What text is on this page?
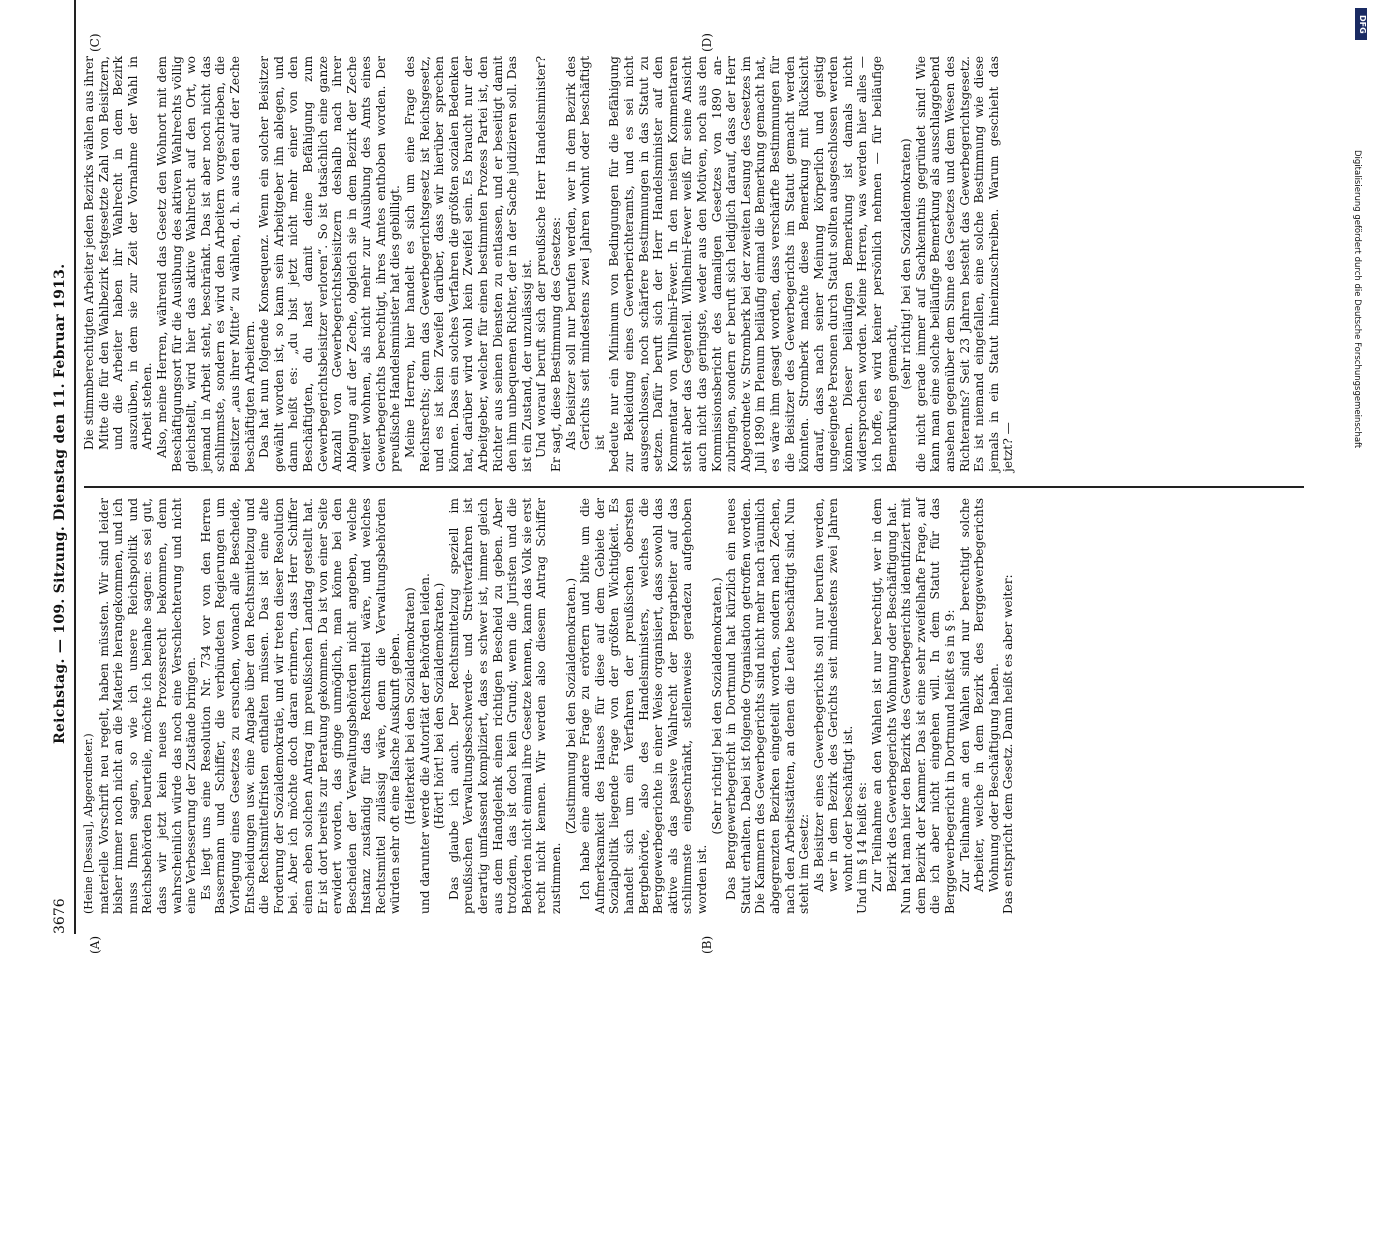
3676
Reichstag. — 109. Sitzung. Dienstag den 11. Februar 1913.
(A)	(B)
(C)	(D)

(Heine [Dessau], Abgeordneter.) materielle Vorschrift neu regelt, haben müssten. Wir sind leider bisher immer noch nicht an die Materie herangekommen, und ich muss Ihnen sagen, so wie ich unsere Reichspolitik und Reichsbehörden beurteile, möchte ich beinahe sagen: es sei gut, dass wir jetzt kein neues Prozessrecht bekommen, denn wahrscheinlich würde das noch eine Verschlechterung und nicht eine Verbesserung der Zustände bringen. Es liegt uns eine Resolution Nr. 734 vor von den Herren Bassermann und Schiffer, die verbündeten Regierungen um Vorlegung eines Gesetzes zu ersuchen, wonach alle Bescheide, Entscheidungen usw. eine Angabe über den Rechtsmittelzug und die Rechtsmittelfristen enthalten müssen. Das ist eine alte Forderung der Sozialdemokratie, und wir treten dieser Resolution bei. Aber ich möchte doch daran erinnern, dass Herr Schiffer einen eben solchen Antrag im preußischen Landtag gestellt hat. Er ist dort bereits zur Beratung gekommen. Da ist von einer Seite erwidert worden, das ginge unmöglich, man könne bei den Bescheiden der Verwaltungsbehörden nicht angeben, welche Instanz zuständig für das Rechtsmittel wäre, und welches Rechtsmittel zulässig wäre, denn die Verwaltungsbehörden würden sehr oft eine falsche Auskunft geben. (Heiterkeit bei den Sozialdemokraten) und darunter werde die Autorität der Behörden leiden. (Hört! hört! bei den Sozialdemokraten.) Das glaube ich auch. Der Rechtsmittelzug speziell im preußischen Verwaltungsbeschwerde- und Streitverfahren ist derartig umfassend kompliziert, dass es schwer ist, immer gleich aus dem Handgelenk einen richtigen Bescheid zu geben. Aber trotzdem, das ist doch kein Grund; wenn die Juristen und die Behörden nicht einmal ihre Gesetze kennen, kann das Volk sie erst recht nicht kennen. Wir werden also diesem Antrag Schiffer zustimmen.

(Zustimmung bei den Sozialdemokraten.) Ich habe eine andere Frage zu erörtern und bitte um die Aufmerksamkeit des Hauses für diese auf dem Gebiete der Sozialpolitik liegende Frage von der größten Wichtigkeit. Es handelt sich um ein Verfahren der preußischen obersten Bergbehörde, also des Handelsministers, welches die Berggewerbegerichte in einer Weise organisiert, dass sowohl das aktive als das passive Wahlrecht der Bergarbeiter auf das schlimmste eingeschränkt, stellenweise geradezu aufgehoben worden ist.

(Sehr richtig! bei den Sozialdemokraten.) Das Berggewerbegericht in Dortmund hat kürzlich ein neues Statut erhalten. Dabei ist folgende Organisation getroffen worden. Die Kammern des Gewerbegerichts sind nicht mehr nach räumlich abgegrenzten Bezirken eingeteilt worden, sondern nach Zechen, nach den Arbeitsstätten, an denen die Leute beschäftigt sind. Nun steht im Gesetz: Als Beisitzer eines Gewerbegerichts soll nur berufen werden, wer in dem Bezirk des Gerichts seit mindestens zwei Jahren wohnt oder beschäftigt ist. Und im § 14 heißt es: Zur Teilnahme an den Wahlen ist nur berechtigt, wer in dem Bezirk des Gewerbegerichts Wohnung oder Beschäftigung hat. Nun hat man hier den Bezirk des Gewerbegerichts identifiziert mit dem Bezirk der Kammer. Das ist eine sehr zweifelhafte Frage, auf die ich aber nicht eingehen will. In dem Statut für das Berggewerbegericht in Dortmund heißt es in § 9: Zur Teilnahme an den Wahlen sind nur berechtigt solche Arbeiter, welche in dem Bezirk des Berggewerbegerichts Wohnung oder Beschäftigung haben. Das entspricht dem Gesetz. Dann heißt es aber weiter:

Die stimmberechtigten Arbeiter jeden Bezirks wählen aus ihrer Mitte die für den Wahlbezirk festgesetzte Zahl von Beisitzern, und die Arbeiter haben ihr Wahlrecht in dem Bezirk auszuüben, in dem sie zur Zeit der Vornahme der Wahl in Arbeit stehen. Also, meine Herren, während das Gesetz den Wohnort mit dem Beschäftigungsort für die Ausübung des aktiven Wahlrechts völlig gleichstellt, wird hier das aktive Wahlrecht auf den Ort, wo jemand in Arbeit steht, beschränkt. Das ist aber noch nicht das schlimmste, sondern es wird den Arbeitern vorgeschrieben, die Beisitzer „aus ihrer Mitte“ zu wählen, d. h. aus den auf der Zeche beschäftigten Arbeitern. Das hat nun folgende Konsequenz. Wenn ein solcher Beisitzer gewählt worden ist, so kann sein Arbeitgeber ihn ablegen, und dann heißt es: „du bist jetzt nicht mehr einer von den Beschäftigten, du hast damit deine Befähigung zum Gewerbegerichtsbeisitzer verloren“. So ist tatsächlich eine ganze Anzahl von Gewerbegerichtsbeisitzern deshalb nach ihrer Ablegung auf der Zeche, obgleich sie in dem Bezirk der Zeche weiter wohnen, als nicht mehr zur Ausübung des Amts eines Gewerbegerichts berechtigt, ihres Amtes enthoben worden. Der preußische Handelsminister hat dies gebilligt. Meine Herren, hier handelt es sich um eine Frage des Reichsrechts; denn das Gewerbegerichtsgesetz ist Reichsgesetz, und es ist kein Zweifel darüber, dass wir hierüber sprechen können. Dass ein solches Verfahren die größten sozialen Bedenken hat, darüber wird wohl kein Zweifel sein. Es braucht nur der Arbeitgeber, welcher für einen bestimmten Prozess Partei ist, den Richter aus seinen Diensten zu entlassen, und er beseitigt damit den ihm unbequemen Richter, der in der Sache judizieren soll. Das ist ein Zustand, der unzulässig ist. Und worauf beruft sich der preußische Herr Handelsminister? Er sagt, diese Bestimmung des Gesetzes: Als Beisitzer soll nur berufen werden, wer in dem Bezirk des Gerichts seit mindestens zwei Jahren wohnt oder beschäftigt ist bedeute nur ein Minimum von Bedingungen für die Befähigung zur Bekleidung eines Gewerberichteramts, und es sei nicht ausgeschlossen, noch schärfere Bestimmungen in das Statut zu setzen. Dafür beruft sich der Herr Handelsminister auf den Kommentar von Wilhelmi-Fewer. In den meisten Kommentaren steht aber das Gegenteil. Wilhelmi-Fewer weiß für seine Ansicht auch nicht das geringste, weder aus den Motiven, noch aus den Kommissionsbericht des damaligen Gesetzes von 1890 anzubringen, sondern er beruft sich lediglich darauf, dass der Herr Abgeordnete v. Stromberk bei der zweiten Lesung des Gesetzes im Juli 1890 im Plenum beiläufig einmal die Bemerkung gemacht hat, es wäre ihm gesagt worden, dass verschärfte Bestimmungen für die Beisitzer des Gewerbegerichts im Statut gemacht werden könnten. Stromberk machte diese Bemerkung mit Rücksicht darauf, dass nach seiner Meinung körperlich und geistig ungeeignete Personen durch Statut sollten ausgeschlossen werden können. Dieser beiläufigen Bemerkung ist damals nicht widersprochen worden. Meine Herren, was werden hier alles — ich hoffe, es wird keiner persönlich nehmen — für beiläufige Bemerkungen gemacht,

(sehr richtig! bei den Sozialdemokraten) die nicht gerade immer auf Sachkenntnis gegründet sind! Wie kann man eine solche beiläufige Bemerkung als ausschlaggebend ansehen gegenüber dem Sinne des Gesetzes und dem Wesen des Richteramts? Seit 23 Jahren besteht das Gewerbegerichtsgesetz. Es ist niemand eingefallen, eine solche Bestimmung wie diese jemals in ein Statut hineinzuschreiben. Warum geschieht das jetzt? —

DFG
Digitalisierung gefördert durch die Deutsche Forschungsgemeinschaft
